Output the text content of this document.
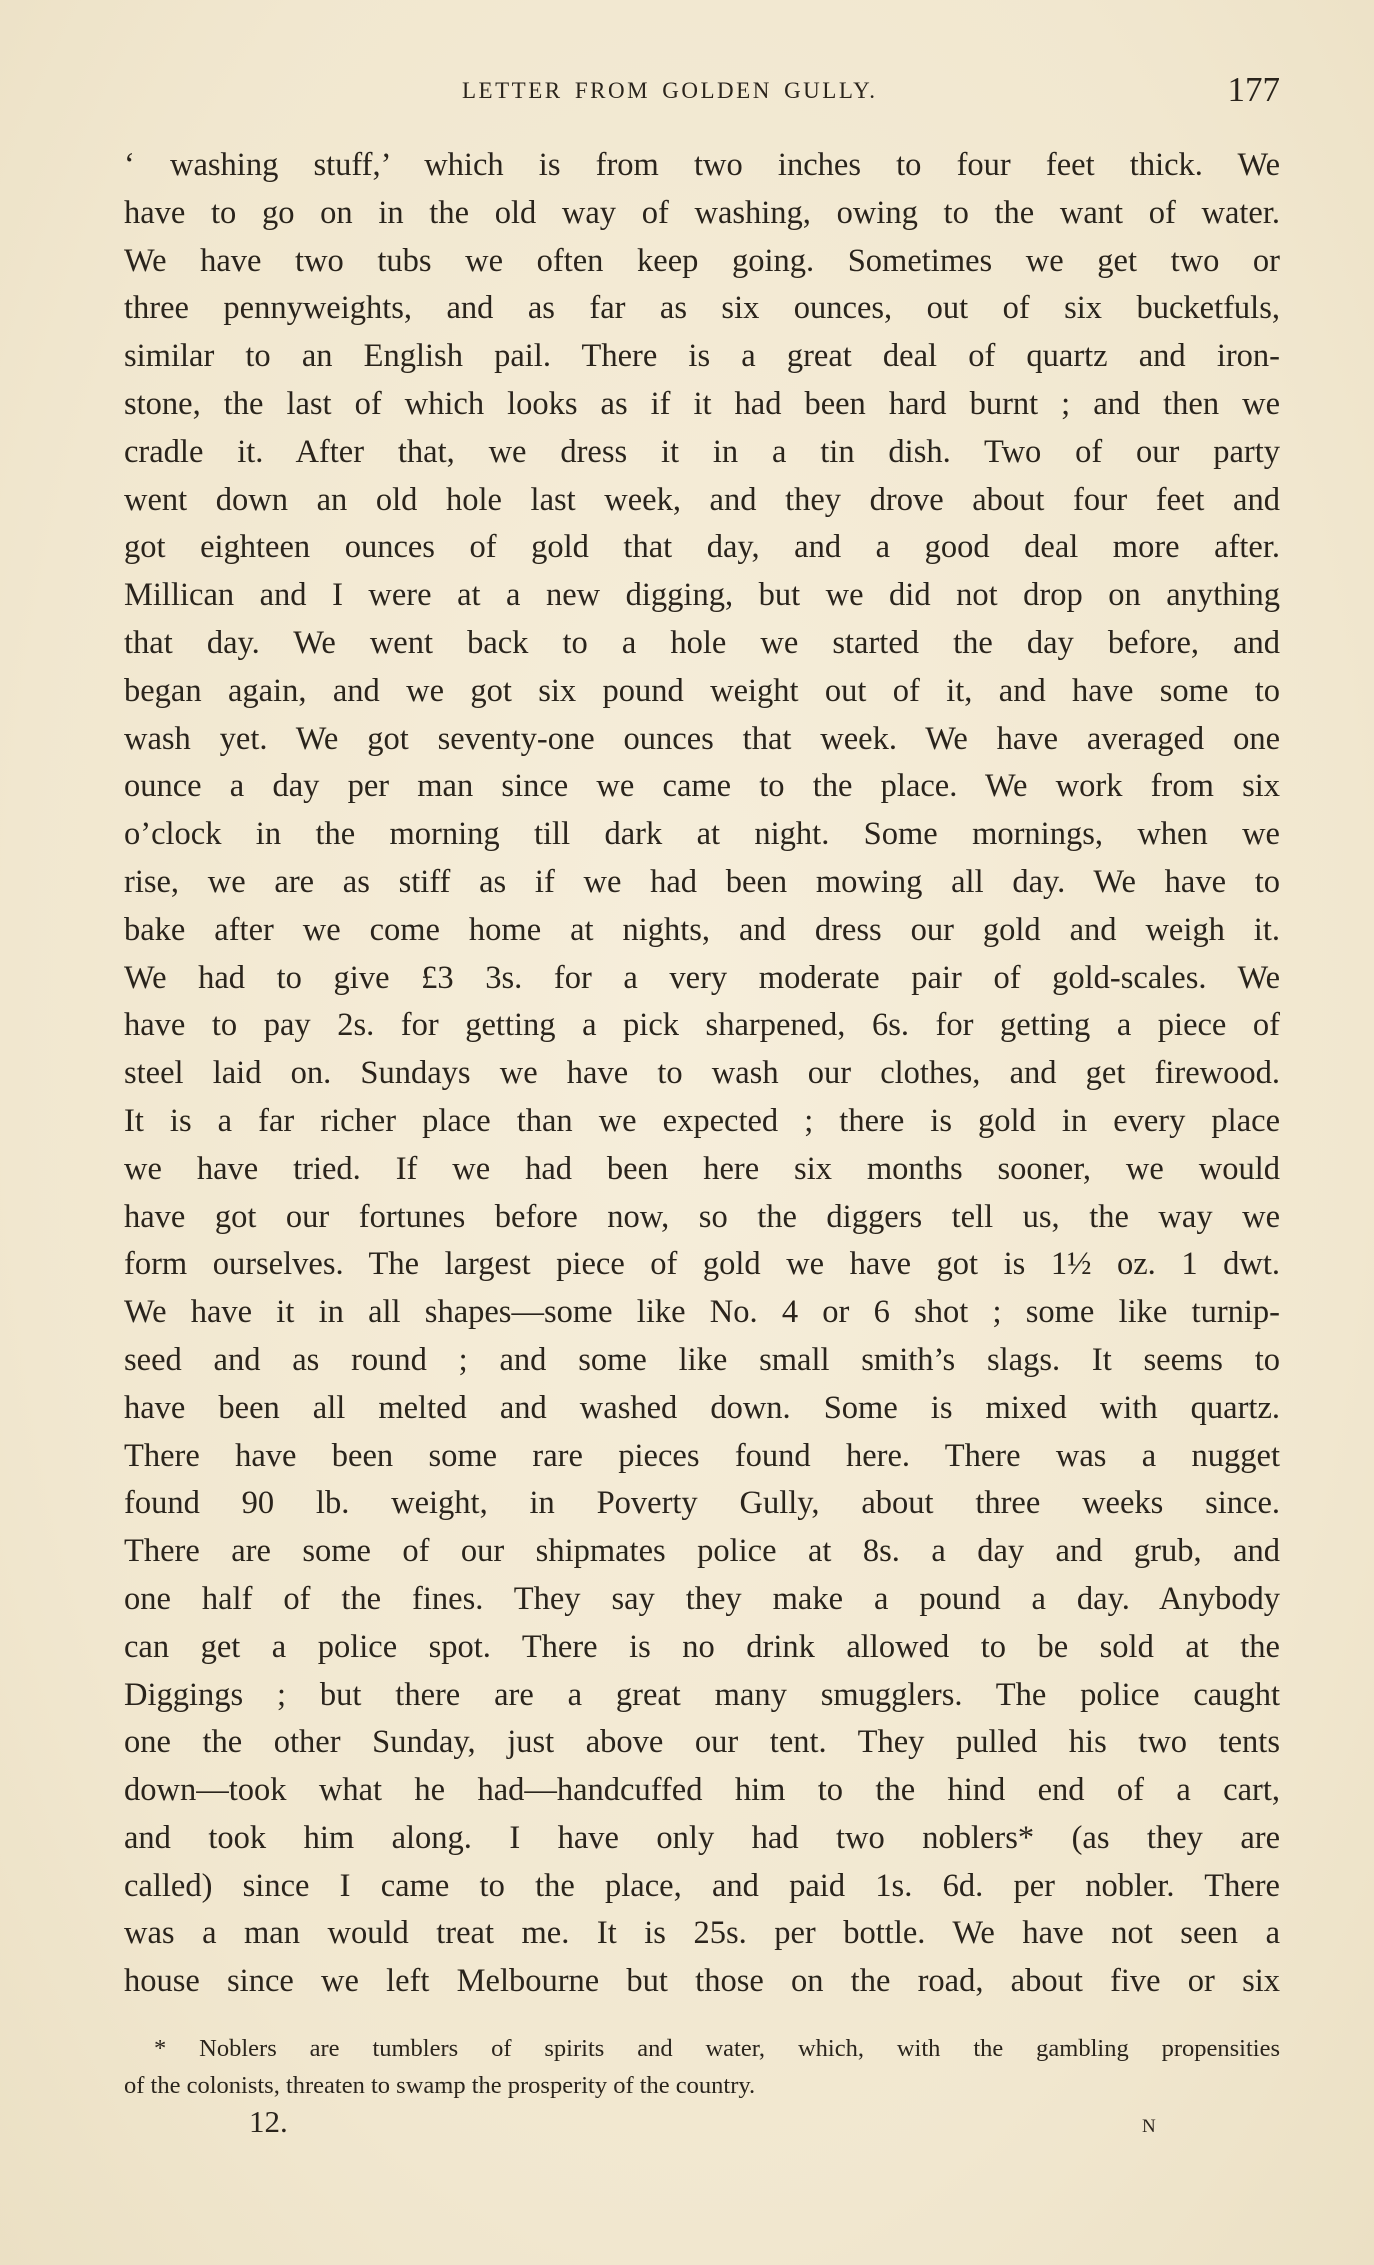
LETTER FROM GOLDEN GULLY.	177
‘ washing stuff,’ which is from two inches to four feet thick. We
have to go on in the old way of washing, owing to the want of water.
We have two tubs we often keep going. Sometimes we get two or
three pennyweights, and as far as six ounces, out of six bucketfuls,
similar to an English pail. There is a great deal of quartz and iron-
stone, the last of which looks as if it had been hard burnt ; and then we
cradle it. After that, we dress it in a tin dish. Two of our party
went down an old hole last week, and they drove about four feet and
got eighteen ounces of gold that day, and a good deal more after.
Millican and I were at a new digging, but we did not drop on anything
that day. We went back to a hole we started the day before, and
began again, and we got six pound weight out of it, and have some to
wash yet. We got seventy-one ounces that week. We have averaged one
ounce a day per man since we came to the place. We work from six
o’clock in the morning till dark at night. Some mornings, when we
rise, we are as stiff as if we had been mowing all day. We have to
bake after we come home at nights, and dress our gold and weigh it.
We had to give £3 3s. for a very moderate pair of gold-scales. We
have to pay 2s. for getting a pick sharpened, 6s. for getting a piece of
steel laid on. Sundays we have to wash our clothes, and get firewood.
It is a far richer place than we expected ; there is gold in every place
we have tried. If we had been here six months sooner, we would
have got our fortunes before now, so the diggers tell us, the way we
form ourselves. The largest piece of gold we have got is 1½ oz. 1 dwt.
We have it in all shapes—some like No. 4 or 6 shot ; some like turnip-
seed and as round ; and some like small smith’s slags. It seems to
have been all melted and washed down. Some is mixed with quartz.
There have been some rare pieces found here. There was a nugget
found 90 lb. weight, in Poverty Gully, about three weeks since.
There are some of our shipmates police at 8s. a day and grub, and
one half of the fines. They say they make a pound a day. Anybody
can get a police spot. There is no drink allowed to be sold at the
Diggings ; but there are a great many smugglers. The police caught
one the other Sunday, just above our tent. They pulled his two tents
down—took what he had—handcuffed him to the hind end of a cart,
and took him along. I have only had two noblers* (as they are
called) since I came to the place, and paid 1s. 6d. per nobler. There
was a man would treat me. It is 25s. per bottle. We have not seen a
house since we left Melbourne but those on the road, about five or six
* Noblers are tumblers of spirits and water, which, with the gambling propensities
of the colonists, threaten to swamp the prosperity of the country.
12.	N
